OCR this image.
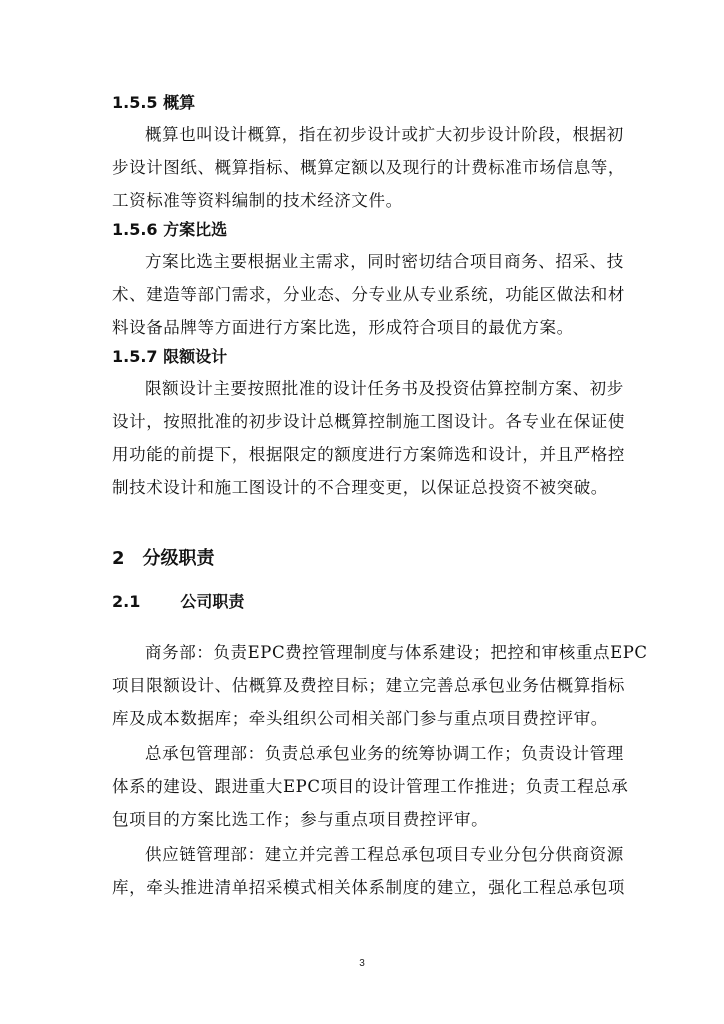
1.5.5 概算
概算也叫设计概算，指在初步设计或扩大初步设计阶段，根据初
步设计图纸、概算指标、概算定额以及现行的计费标准市场信息等，
工资标准等资料编制的技术经济文件。
1.5.6 方案比选
方案比选主要根据业主需求，同时密切结合项目商务、招采、技
术、建造等部门需求，分业态、分专业从专业系统，功能区做法和材
料设备品牌等方面进行方案比选，形成符合项目的最优方案。
1.5.7 限额设计
限额设计主要按照批准的设计任务书及投资估算控制方案、初步
设计，按照批准的初步设计总概算控制施工图设计。各专业在保证使
用功能的前提下，根据限定的额度进行方案筛选和设计，并且严格控
制技术设计和施工图设计的不合理变更，以保证总投资不被突破。
2 分级职责
2.1	公司职责
商务部：负责EPC费控管理制度与体系建设；把控和审核重点EPC
项目限额设计、估概算及费控目标；建立完善总承包业务估概算指标
库及成本数据库；牵头组织公司相关部门参与重点项目费控评审。
总承包管理部：负责总承包业务的统筹协调工作；负责设计管理
体系的建设、跟进重大EPC项目的设计管理工作推进；负责工程总承
包项目的方案比选工作；参与重点项目费控评审。
供应链管理部：建立并完善工程总承包项目专业分包分供商资源
库，牵头推进清单招采模式相关体系制度的建立，强化工程总承包项
3
